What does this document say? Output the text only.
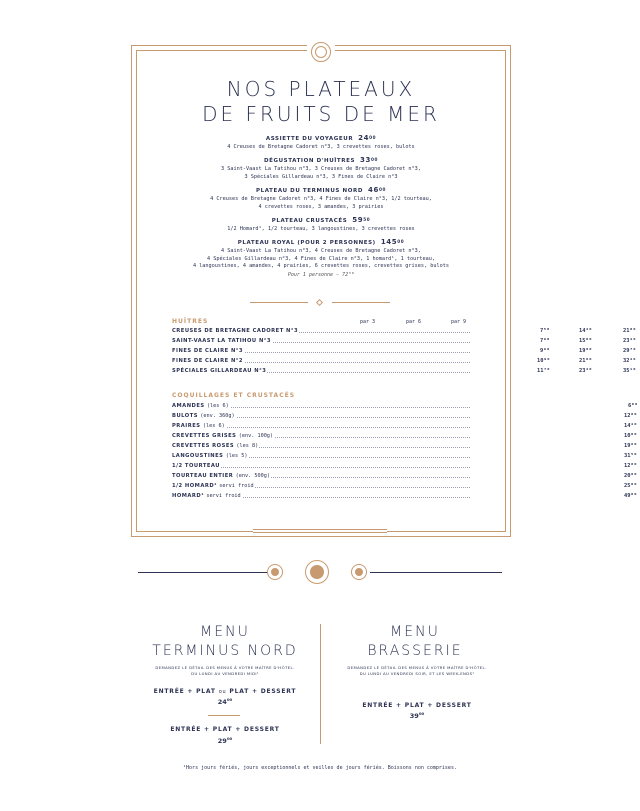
NOS PLATEAUX
DE FRUITS DE MER
ASSIETTE DU VOYAGEUR $24^{00}$
4 Creuses de Bretagne Cadoret n°3, 3 crevettes roses, bulots
DÉGUSTATION D'HUÎTRES $33^{00}$
3 Saint-Vaast La Tatihou n°3, 3 Creuses de Bretagne Cadoret n°3,
3 Spéciales Gillardeau n°3, 3 Fines de Claire n°3
PLATEAU DU TERMINUS NORD $46^{00}$
4 Creuses de Bretagne Cadoret n°3, 4 Fines de Claire n°3, 1/2 tourteau,
4 crevettes roses, 3 amandes, 3 prairies
PLATEAU CRUSTACÉS $59^{50}$
1/2 Homard¹, 1/2 tourteau, 3 langoustines, 3 crevettes roses
PLATEAU ROYAL (POUR 2 PERSONNES) $145^{00}$
4 Saint-Vaast La Tatihou n°3, 4 Creuses de Bretagne Cadoret n°3,
4 Spéciales Gillardeau n°3, 4 Fines de Claire n°3, 1 homard¹, 1 tourteau,
4 langoustines, 4 amandes, 4 prairies, 6 crevettes roses, crevettes grises, bulots
Pour 1 personne – 72⁵⁰
HUÎTRES	par 3	par 6	par 9
CREUSES DE BRETAGNE CADORET N°3	7⁵⁰	14⁴⁰	21⁰⁰
SAINT-VAAST LA TATIHOU N°3	7⁹⁰	15⁸⁰	23⁴⁰
FINES DE CLAIRE N°3	9⁹⁰	19⁸⁰	29⁷⁰
FINES DE CLAIRE N°2	10⁹⁰	21⁸⁰	32⁴⁰
SPÉCIALES GILLARDEAU N°3	11⁷⁰	23⁴⁰	35¹⁰
COQUILLAGES ET CRUSTACÉS
AMANDES (les 6)	6⁰⁰
BULOTS (env. 360g)	12⁰⁰
PRAIRES (les 6)	14⁴⁰
CREVETTES GRISES (env. 100g)	10⁰⁰
CREVETTES ROSES (les 8)	19⁶⁰
LANGOUSTINES (les 5)	31⁵⁰
1/2 TOURTEAU	12⁰⁰
TOURTEAU ENTIER (env. 500g)	20⁰⁰
1/2 HOMARD¹ servi froid	25⁰⁰
HOMARD¹ servi froid	49⁰⁰
MENU
TERMINUS NORD
DEMANDEZ LE DÉTAIL DES MENUS À VOTRE MAÎTRE D'HÔTEL.
DU LUNDI AU VENDREDI MIDI¹
ENTRÉE + PLAT ou PLAT + DESSERT
$24^{00}$
ENTRÉE + PLAT + DESSERT
$29^{00}$
MENU
BRASSERIE
DEMANDEZ LE DÉTAIL DES MENUS À VOTRE MAÎTRE D'HÔTEL.
DU LUNDI AU VENDREDI SOIR, ET LES WEEK-ENDS¹
ENTRÉE + PLAT + DESSERT
$39^{00}$
¹Hors jours fériés, jours exceptionnels et veilles de jours fériés. Boissons non comprises.
